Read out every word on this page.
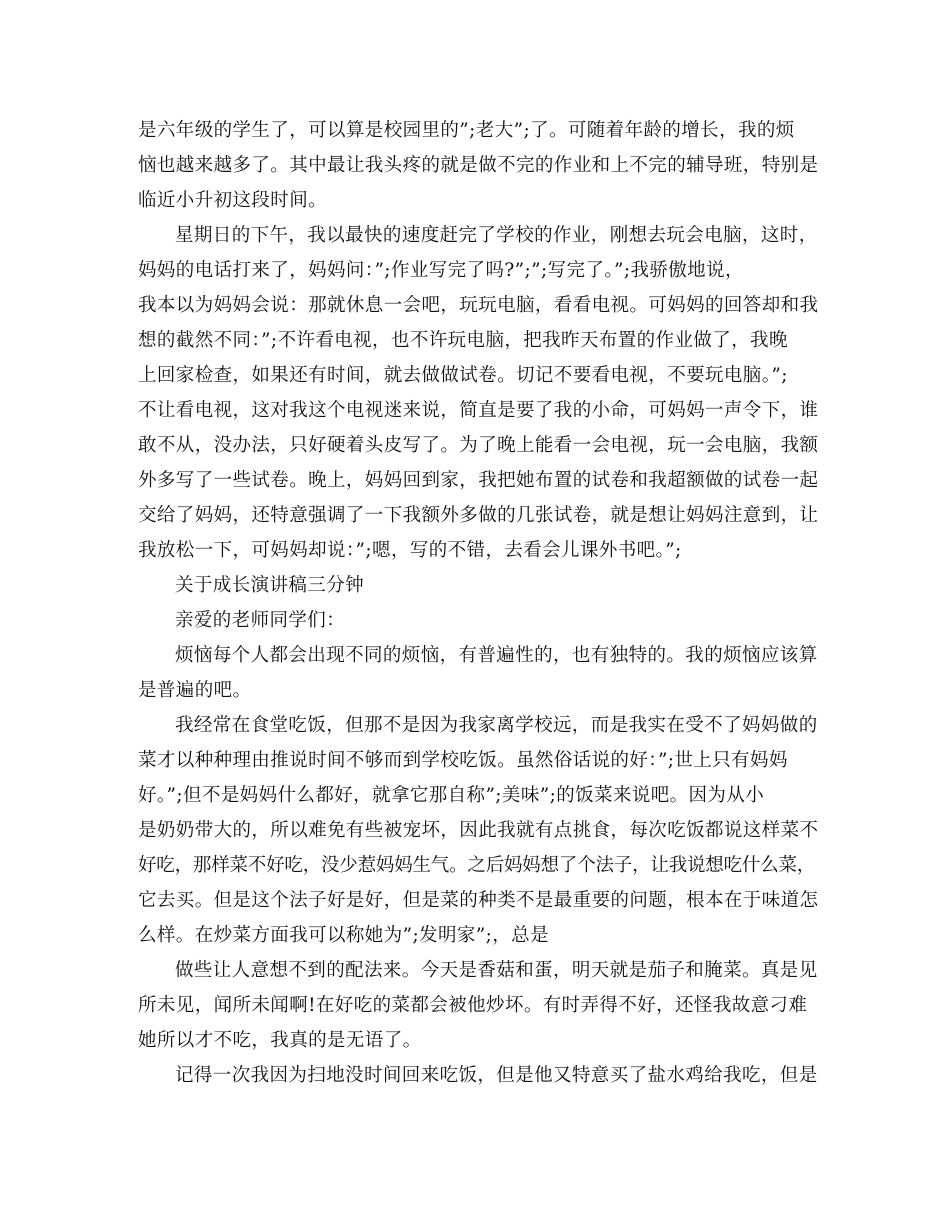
是六年级的学生了，可以算是校园里的”;老大”;了。可随着年龄的增长，我的烦
恼也越来越多了。其中最让我头疼的就是做不完的作业和上不完的辅导班，特别是
临近小升初这段时间。
星期日的下午，我以最快的速度赶完了学校的作业，刚想去玩会电脑，这时，
妈妈的电话打来了，妈妈问：”;作业写完了吗?”;”;写完了。”;我骄傲地说，
我本以为妈妈会说：那就休息一会吧，玩玩电脑，看看电视。可妈妈的回答却和我
想的截然不同：”;不许看电视，也不许玩电脑，把我昨天布置的作业做了，我晚
上回家检查，如果还有时间，就去做做试卷。切记不要看电视，不要玩电脑。”;
不让看电视，这对我这个电视迷来说，简直是要了我的小命，可妈妈一声令下，谁
敢不从，没办法，只好硬着头皮写了。为了晚上能看一会电视，玩一会电脑，我额
外多写了一些试卷。晚上，妈妈回到家，我把她布置的试卷和我超额做的试卷一起
交给了妈妈，还特意强调了一下我额外多做的几张试卷，就是想让妈妈注意到，让
我放松一下，可妈妈却说：”;嗯，写的不错，去看会儿课外书吧。”;
关于成长演讲稿三分钟
亲爱的老师同学们：
烦恼每个人都会出现不同的烦恼，有普遍性的，也有独特的。我的烦恼应该算
是普遍的吧。
我经常在食堂吃饭，但那不是因为我家离学校远，而是我实在受不了妈妈做的
菜才以种种理由推说时间不够而到学校吃饭。虽然俗话说的好：”;世上只有妈妈
好。”;但不是妈妈什么都好，就拿它那自称”;美味”;的饭菜来说吧。因为从小
是奶奶带大的，所以难免有些被宠坏，因此我就有点挑食，每次吃饭都说这样菜不
好吃，那样菜不好吃，没少惹妈妈生气。之后妈妈想了个法子，让我说想吃什么菜，
它去买。但是这个法子好是好，但是菜的种类不是最重要的问题，根本在于味道怎
么样。在炒菜方面我可以称她为”;发明家”;，总是
做些让人意想不到的配法来。今天是香菇和蛋，明天就是茄子和腌菜。真是见
所未见，闻所未闻啊!在好吃的菜都会被他炒坏。有时弄得不好，还怪我故意刁难
她所以才不吃，我真的是无语了。
记得一次我因为扫地没时间回来吃饭，但是他又特意买了盐水鸡给我吃，但是
